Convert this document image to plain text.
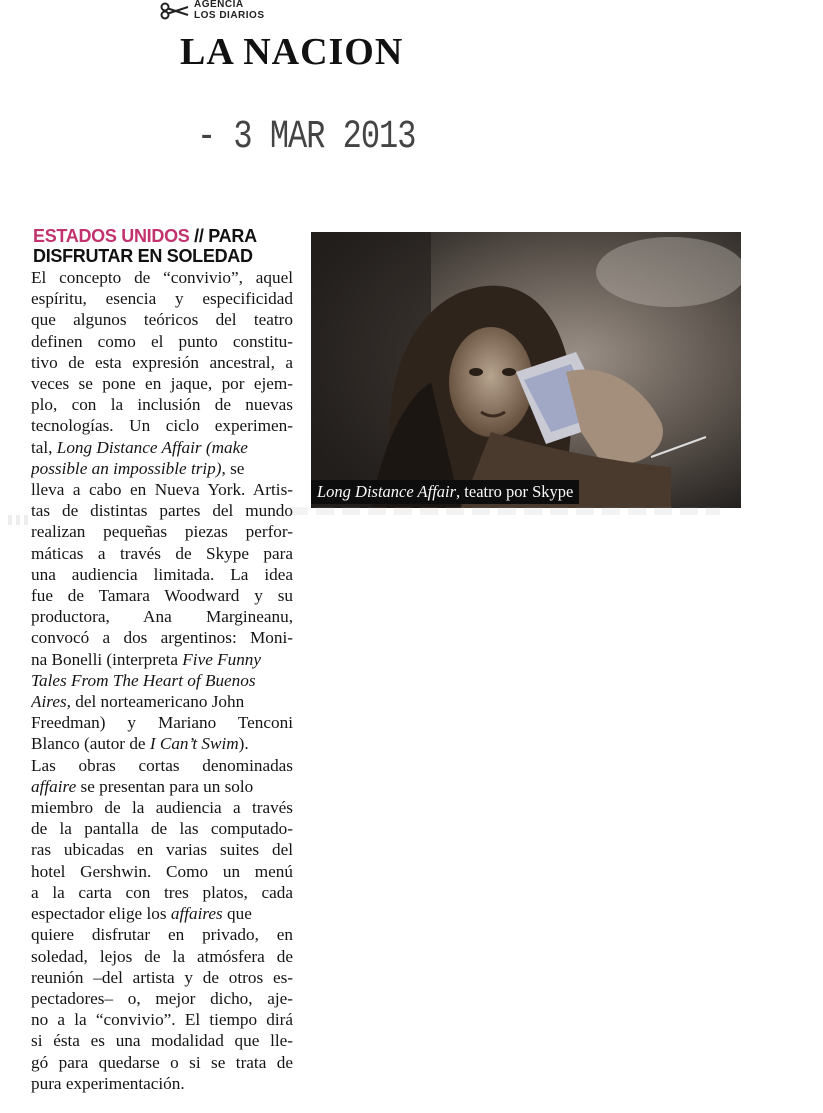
AGENCIA
LOS DIARIOS
LA NACION
- 3 MAR 2013
ESTADOS UNIDOS // PARA
DISFRUTAR EN SOLEDAD
El concepto de “convivio”, aquel
espíritu, esencia y especificidad
que algunos teóricos del teatro
definen como el punto constitu-
tivo de esta expresión ancestral, a
veces se pone en jaque, por ejem-
plo, con la inclusión de nuevas
tecnologías. Un ciclo experimen-
tal, Long Distance Affair (make
possible an impossible trip), se
lleva a cabo en Nueva York. Artis-
tas de distintas partes del mundo
realizan pequeñas piezas perfor-
máticas a través de Skype para
una audiencia limitada. La idea
fue de Tamara Woodward y su
productora, Ana Margineanu,
convocó a dos argentinos: Moni-
na Bonelli (interpreta Five Funny
Tales From The Heart of Buenos
Aires, del norteamericano John
Freedman) y Mariano Tenconi
Blanco (autor de I Can’t Swim).
Las obras cortas denominadas
affaire se presentan para un solo
miembro de la audiencia a través
de la pantalla de las computado-
ras ubicadas en varias suites del
hotel Gershwin. Como un menú
a la carta con tres platos, cada
espectador elige los affaires que
quiere disfrutar en privado, en
soledad, lejos de la atmósfera de
reunión –del artista y de otros es-
pectadores– o, mejor dicho, aje-
no a la “convivio”. El tiempo dirá
si ésta es una modalidad que lle-
gó para quedarse o si se trata de
pura experimentación.
Long Distance Affair, teatro por Skype
